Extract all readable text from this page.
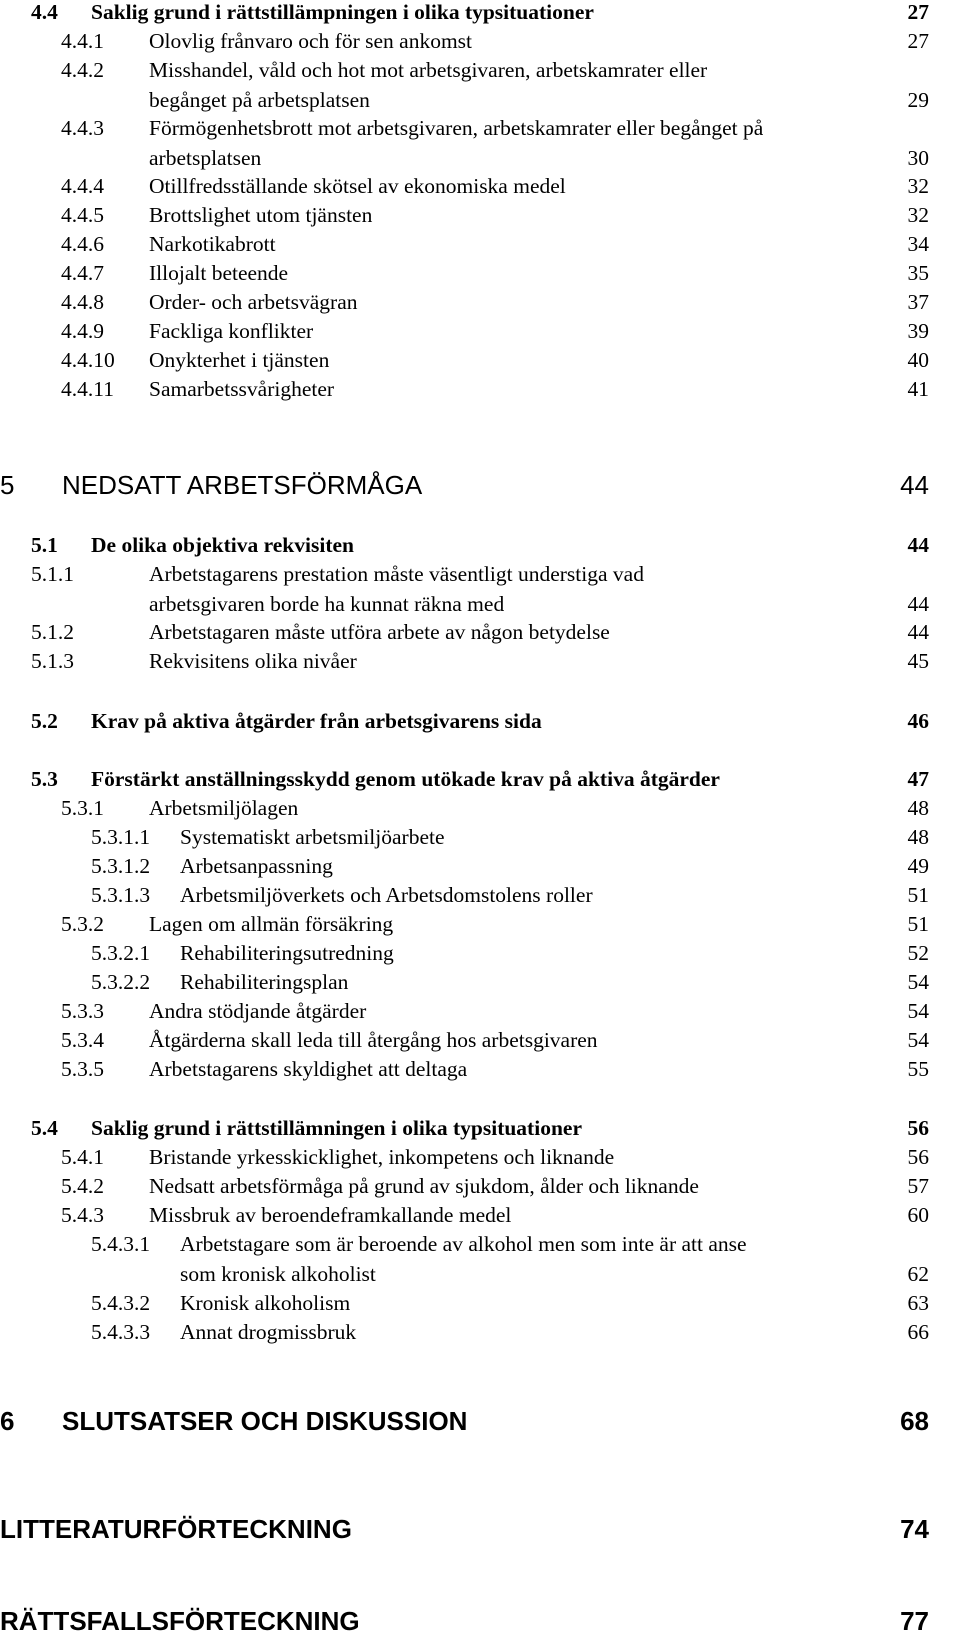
4.4 Saklig grund i rättstillämpningen i olika typsituationer	27
4.4.1 Olovlig frånvaro och för sen ankomst	27
4.4.2 Misshandel, våld och hot mot arbetsgivaren, arbetskamrater eller begånget på arbetsplatsen	29
4.4.3 Förmögenhetsbrott mot arbetsgivaren, arbetskamrater eller begånget på arbetsplatsen	30
4.4.4 Otillfredsställande skötsel av ekonomiska medel	32
4.4.5 Brottslighet utom tjänsten	32
4.4.6 Narkotikabrott	34
4.4.7 Illojalt beteende	35
4.4.8 Order- och arbetsvägran	37
4.4.9 Fackliga konflikter	39
4.4.10 Onykterhet i tjänsten	40
4.4.11 Samarbetssvårigheter	41
5 NEDSATT ARBETSFÖRMÅGA	44
5.1 De olika objektiva rekvisiten	44
5.1.1	Arbetstagarens prestation måste väsentligt understiga vad arbetsgivaren borde ha kunnat räkna med	44
5.1.2	Arbetstagaren måste utföra arbete av någon betydelse	44
5.1.3	Rekvisitens olika nivåer	45
5.2 Krav på aktiva åtgärder från arbetsgivarens sida	46
5.3 Förstärkt anställningsskydd genom utökade krav på aktiva åtgärder	47
5.3.1 Arbetsmiljölagen	48
5.3.1.1 Systematiskt arbetsmiljöarbete	48
5.3.1.2 Arbetsanpassning	49
5.3.1.3 Arbetsmiljöverkets och Arbetsdomstolens roller	51
5.3.2 Lagen om allmän försäkring	51
5.3.2.1 Rehabiliteringsutredning	52
5.3.2.2 Rehabiliteringsplan	54
5.3.3 Andra stödjande åtgärder	54
5.3.4 Åtgärderna skall leda till återgång hos arbetsgivaren	54
5.3.5 Arbetstagarens skyldighet att deltaga	55
5.4 Saklig grund i rättstillämningen i olika typsituationer	56
5.4.1 Bristande yrkesskicklighet, inkompetens och liknande	56
5.4.2 Nedsatt arbetsförmåga på grund av sjukdom, ålder och liknande	57
5.4.3 Missbruk av beroendeframkallande medel	60
5.4.3.1 Arbetstagare som är beroende av alkohol men som inte är att anse som kronisk alkoholist	62
5.4.3.2 Kronisk alkoholism	63
5.4.3.3 Annat drogmissbruk	66
6 SLUTSATSER OCH DISKUSSION	68
LITTERATURFÖRTECKNING	74
RÄTTSFALLSFÖRTECKNING	77
